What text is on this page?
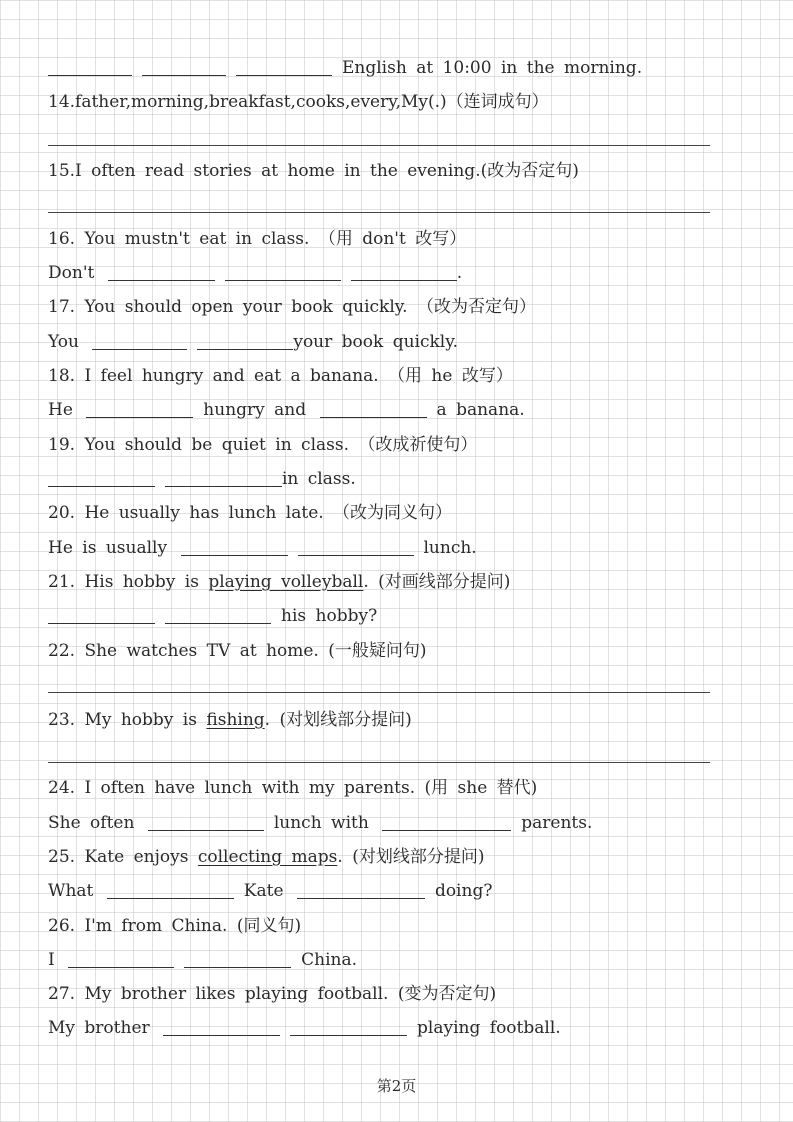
English at 10:00 in the morning.
14.father,morning,breakfast,cooks,every,My(.)（连词成句）
15.I often read stories at home in the evening.(改为否定句)
16. You mustn't eat in class. （用 don't 改写）
Don't	.
17. You should open your book quickly. （改为否定句）
You	your book quickly.
18. I feel hungry and eat a banana. （用 he 改写）
He	hungry and	a banana.
19. You should be quiet in class. （改成祈使句）
in class.
20. He usually has lunch late. （改为同义句）
He is usually	lunch.
21. His hobby is playing volleyball. (对画线部分提问)
his hobby?
22. She watches TV at home. (一般疑问句)
23. My hobby is fishing. (对划线部分提问)
24. I often have lunch with my parents. (用 she 替代)
She often	lunch with	parents.
25. Kate enjoys collecting maps. (对划线部分提问)
What	Kate	doing?
26. I'm from China. (同义句)
I	China.
27. My brother likes playing football. (变为否定句)
My brother	playing football.
第2页
